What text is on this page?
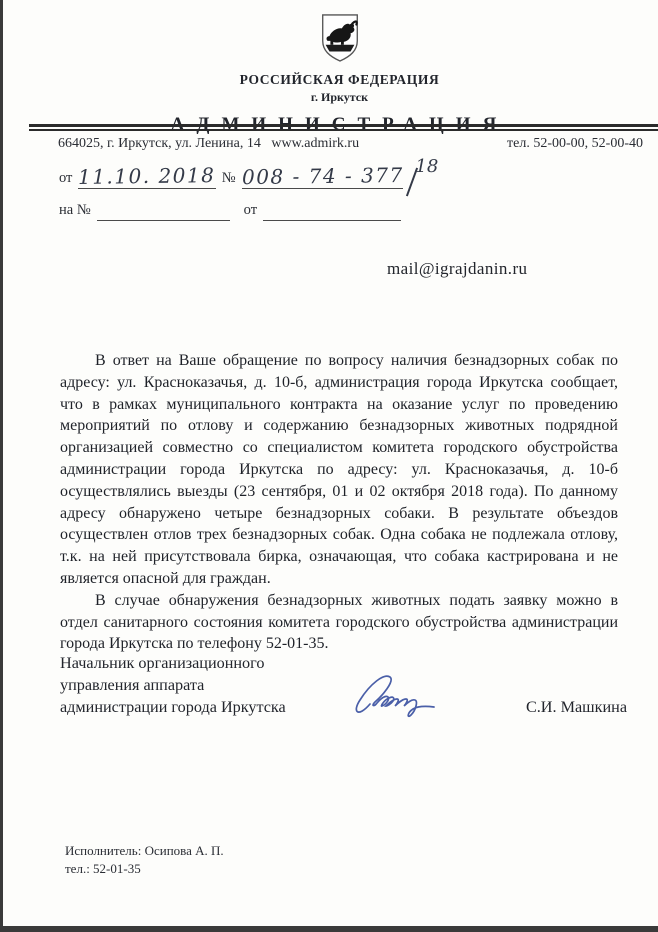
РОССИЙСКАЯ ФЕДЕРАЦИЯ
г. Иркутск
АДМИНИСТРАЦИЯ
664025, г. Иркутск, ул. Ленина, 14 www.admirk.ru	тел. 52-00-00, 52-00-40
от 11.10. 2018 № 008 - 74 - 377 18
на №	от
mail@igrajdanin.ru

В ответ на Ваше обращение по вопросу наличия безнадзорных собак по адресу: ул. Красноказачья, д. 10-б, администрация города Иркутска сообщает, что в рамках муниципального контракта на оказание услуг по проведению мероприятий по отлову и содержанию безнадзорных животных подрядной организацией совместно со специалистом комитета городского обустройства администрации города Иркутска по адресу: ул. Красноказачья, д. 10-б осуществлялись выезды (23 сентября, 01 и 02 октября 2018 года). По данному адресу обнаружено четыре безнадзорных собаки. В результате объездов осуществлен отлов трех безнадзорных собак. Одна собака не подлежала отлову, т.к. на ней присутствовала бирка, означающая, что собака кастрирована и не является опасной для граждан.

В случае обнаружения безнадзорных животных подать заявку можно в отдел санитарного состояния комитета городского обустройства администрации города Иркутска по телефону 52-01-35.

Начальник организационного
управления аппарата
администрации города Иркутска	С.И. Машкина
Исполнитель: Осипова А. П.
тел.: 52-01-35
